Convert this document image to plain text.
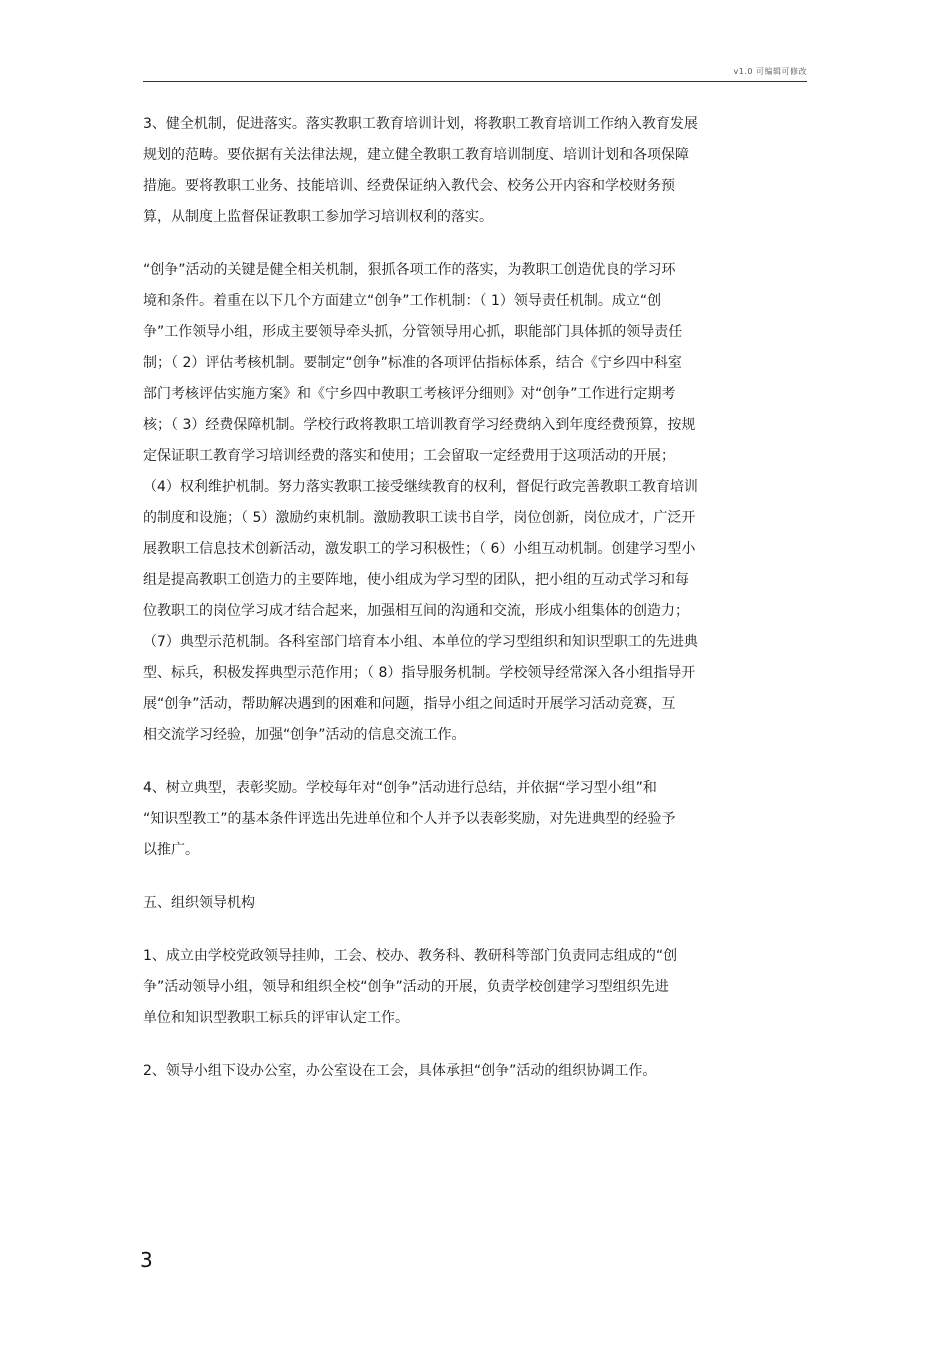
v1.0 可编辑可修改
3、健全机制，促进落实。落实教职工教育培训计划，将教职工教育培训工作纳入教育发展
规划的范畴。要依据有关法律法规，建立健全教职工教育培训制度、培训计划和各项保障
措施。要将教职工业务、技能培训、经费保证纳入教代会、校务公开内容和学校财务预
算，从制度上监督保证教职工参加学习培训权利的落实。
“创争”活动的关键是健全相关机制，狠抓各项工作的落实，为教职工创造优良的学习环
境和条件。着重在以下几个方面建立“创争”工作机制：（ 1）领导责任机制。成立“创
争”工作领导小组，形成主要领导牵头抓，分管领导用心抓，职能部门具体抓的领导责任
制；（ 2）评估考核机制。要制定“创争”标准的各项评估指标体系，结合《宁乡四中科室
部门考核评估实施方案》和《宁乡四中教职工考核评分细则》对“创争”工作进行定期考
核；（ 3）经费保障机制。学校行政将教职工培训教育学习经费纳入到年度经费预算，按规
定保证职工教育学习培训经费的落实和使用；工会留取一定经费用于这项活动的开展；
（4）权利维护机制。努力落实教职工接受继续教育的权利，督促行政完善教职工教育培训
的制度和设施；（ 5）激励约束机制。激励教职工读书自学，岗位创新，岗位成才，广泛开
展教职工信息技术创新活动，激发职工的学习积极性；（ 6）小组互动机制。创建学习型小
组是提高教职工创造力的主要阵地，使小组成为学习型的团队，把小组的互动式学习和每
位教职工的岗位学习成才结合起来，加强相互间的沟通和交流，形成小组集体的创造力；
（7）典型示范机制。各科室部门培育本小组、本单位的学习型组织和知识型职工的先进典
型、标兵，积极发挥典型示范作用；（ 8）指导服务机制。学校领导经常深入各小组指导开
展“创争”活动，帮助解决遇到的困难和问题，指导小组之间适时开展学习活动竞赛，互
相交流学习经验，加强“创争”活动的信息交流工作。
4、树立典型，表彰奖励。学校每年对“创争”活动进行总结，并依据“学习型小组”和
“知识型教工”的基本条件评选出先进单位和个人并予以表彰奖励，对先进典型的经验予
以推广。
五、组织领导机构
1、成立由学校党政领导挂帅，工会、校办、教务科、教研科等部门负责同志组成的“创
争”活动领导小组，领导和组织全校“创争”活动的开展，负责学校创建学习型组织先进
单位和知识型教职工标兵的评审认定工作。
2、领导小组下设办公室，办公室设在工会，具体承担“创争”活动的组织协调工作。
3
